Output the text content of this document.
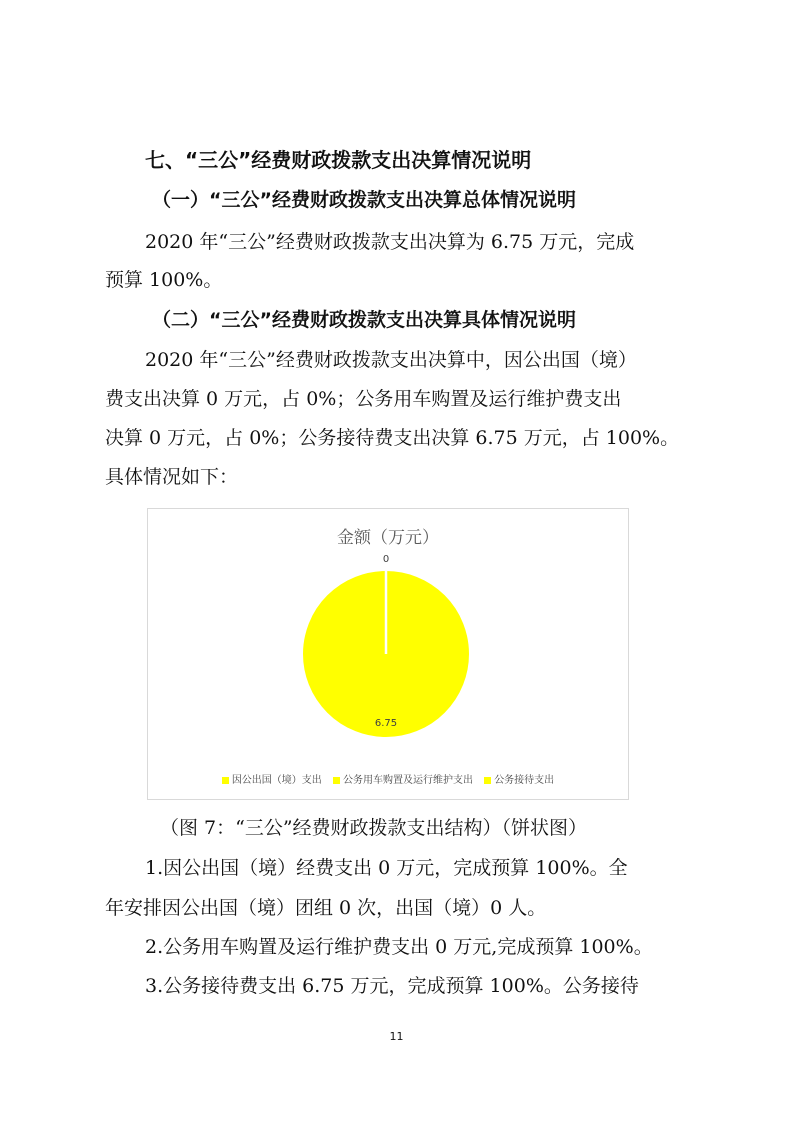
七、“三公”经费财政拨款支出决算情况说明
（一）“三公”经费财政拨款支出决算总体情况说明
2020 年“三公”经费财政拨款支出决算为 6.75 万元，完成
预算 100%。
（二）“三公”经费财政拨款支出决算具体情况说明
2020 年“三公”经费财政拨款支出决算中，因公出国（境）
费支出决算 0 万元，占 0%；公务用车购置及运行维护费支出
决算 0 万元，占 0%；公务接待费支出决算 6.75 万元，占 100%。
具体情况如下：
金额（万元）
0
6.75
因公出国（境）支出 公务用车购置及运行维护支出 公务接待支出
（图 7：“三公”经费财政拨款支出结构）（饼状图）
1.因公出国（境）经费支出 0 万元，完成预算 100%。全
年安排因公出国（境）团组 0 次，出国（境）0 人。
2.公务用车购置及运行维护费支出 0 万元,完成预算 100%。
3.公务接待费支出 6.75 万元，完成预算 100%。公务接待
11
